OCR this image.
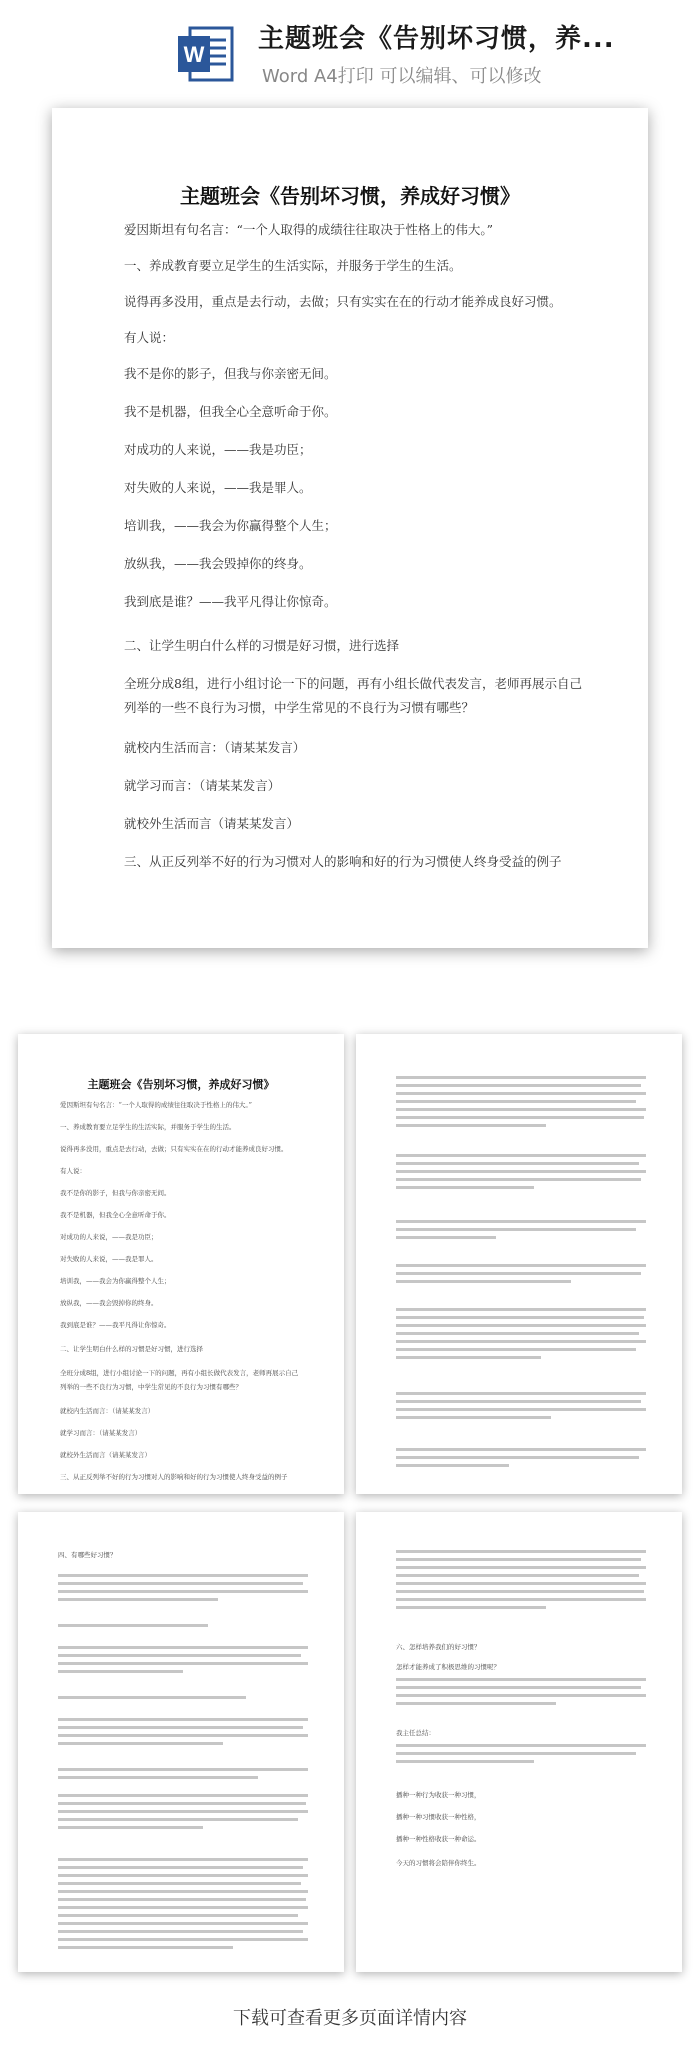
W
主题班会《告别坏习惯，养...
Word A4打印 可以编辑、可以修改
主题班会《告别坏习惯，养成好习惯》
爱因斯坦有句名言：“一个人取得的成绩往往取决于性格上的伟大。”
一、养成教育要立足学生的生活实际，并服务于学生的生活。
说得再多没用，重点是去行动，去做；只有实实在在的行动才能养成良好习惯。
有人说：
我不是你的影子，但我与你亲密无间。
我不是机器，但我全心全意听命于你。
对成功的人来说，——我是功臣；
对失败的人来说，——我是罪人。
培训我，——我会为你赢得整个人生；
放纵我，——我会毁掉你的终身。
我到底是谁？——我平凡得让你惊奇。
二、让学生明白什么样的习惯是好习惯，进行选择
全班分成8组，进行小组讨论一下的问题，再有小组长做代表发言，老师再展示自己
列举的一些不良行为习惯，中学生常见的不良行为习惯有哪些？
就校内生活而言：（请某某发言）
就学习而言：（请某某发言）
就校外生活而言（请某某发言）
三、从正反列举不好的行为习惯对人的影响和好的行为习惯使人终身受益的例子
主题班会《告别坏习惯，养成好习惯》
爱因斯坦有句名言：“一个人取得的成绩往往取决于性格上的伟大。”
一、养成教育要立足学生的生活实际，并服务于学生的生活。
说得再多没用，重点是去行动，去做；只有实实在在的行动才能养成良好习惯。
有人说：
我不是你的影子，但我与你亲密无间。
我不是机器，但我全心全意听命于你。
对成功的人来说，——我是功臣；
对失败的人来说，——我是罪人。
培训我，——我会为你赢得整个人生；
放纵我，——我会毁掉你的终身。
我到底是谁？——我平凡得让你惊奇。
二、让学生明白什么样的习惯是好习惯，进行选择
全班分成8组，进行小组讨论一下的问题，再有小组长做代表发言，老师再展示自己
列举的一些不良行为习惯，中学生常见的不良行为习惯有哪些？
就校内生活而言：（请某某发言）
就学习而言：（请某某发言）
就校外生活而言（请某某发言）
三、从正反列举不好的行为习惯对人的影响和好的行为习惯使人终身受益的例子
四、有哪些好习惯？
六、怎样培养我们的好习惯？
怎样才能养成了积极思维的习惯呢？
我主任总结：
播种一种行为收获一种习惯，
播种一种习惯收获一种性格，
播种一种性格收获一种命运。
今天的习惯将会陪伴你终生。
下载可查看更多页面详情内容
